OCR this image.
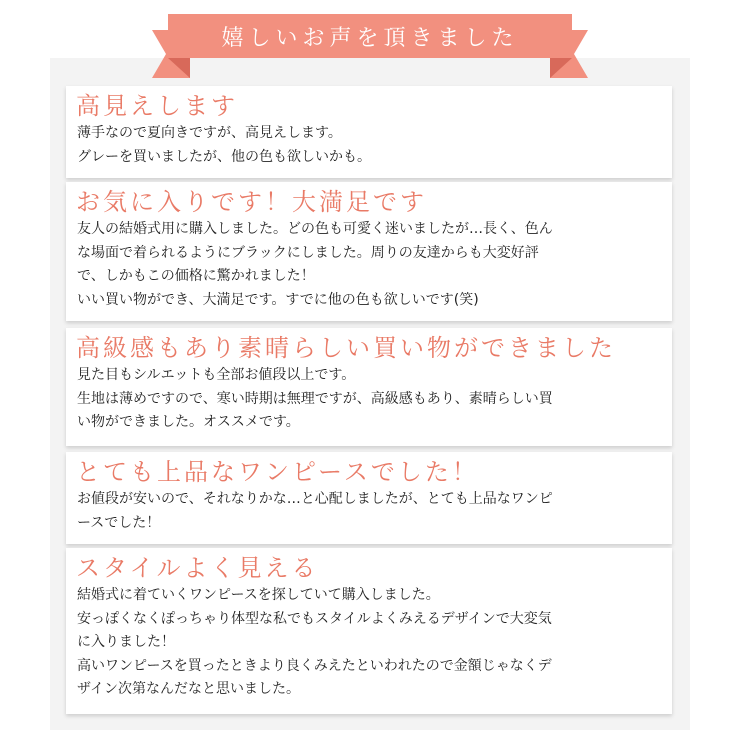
嬉しいお声を頂きました
高見えします
薄手なので夏向きですが、高見えします。
グレーを買いましたが、他の色も欲しいかも。
お気に入りです！大満足です
友人の結婚式用に購入しました。どの色も可愛く迷いましたが…長く、色ん
な場面で着られるようにブラックにしました。周りの友達からも大変好評
で、しかもこの価格に驚かれました！
いい買い物ができ、大満足です。すでに他の色も欲しいです(笑)
高級感もあり素晴らしい買い物ができました
見た目もシルエットも全部お値段以上です。
生地は薄めですので、寒い時期は無理ですが、高級感もあり、素晴らしい買
い物ができました。オススメです。
とても上品なワンピースでした！
お値段が安いので、それなりかな…と心配しましたが、とても上品なワンピ
ースでした！
スタイルよく見える
結婚式に着ていくワンピースを探していて購入しました。
安っぽくなくぽっちゃり体型な私でもスタイルよくみえるデザインで大変気
に入りました！
高いワンピースを買ったときより良くみえたといわれたので金額じゃなくデ
ザイン次第なんだなと思いました。
